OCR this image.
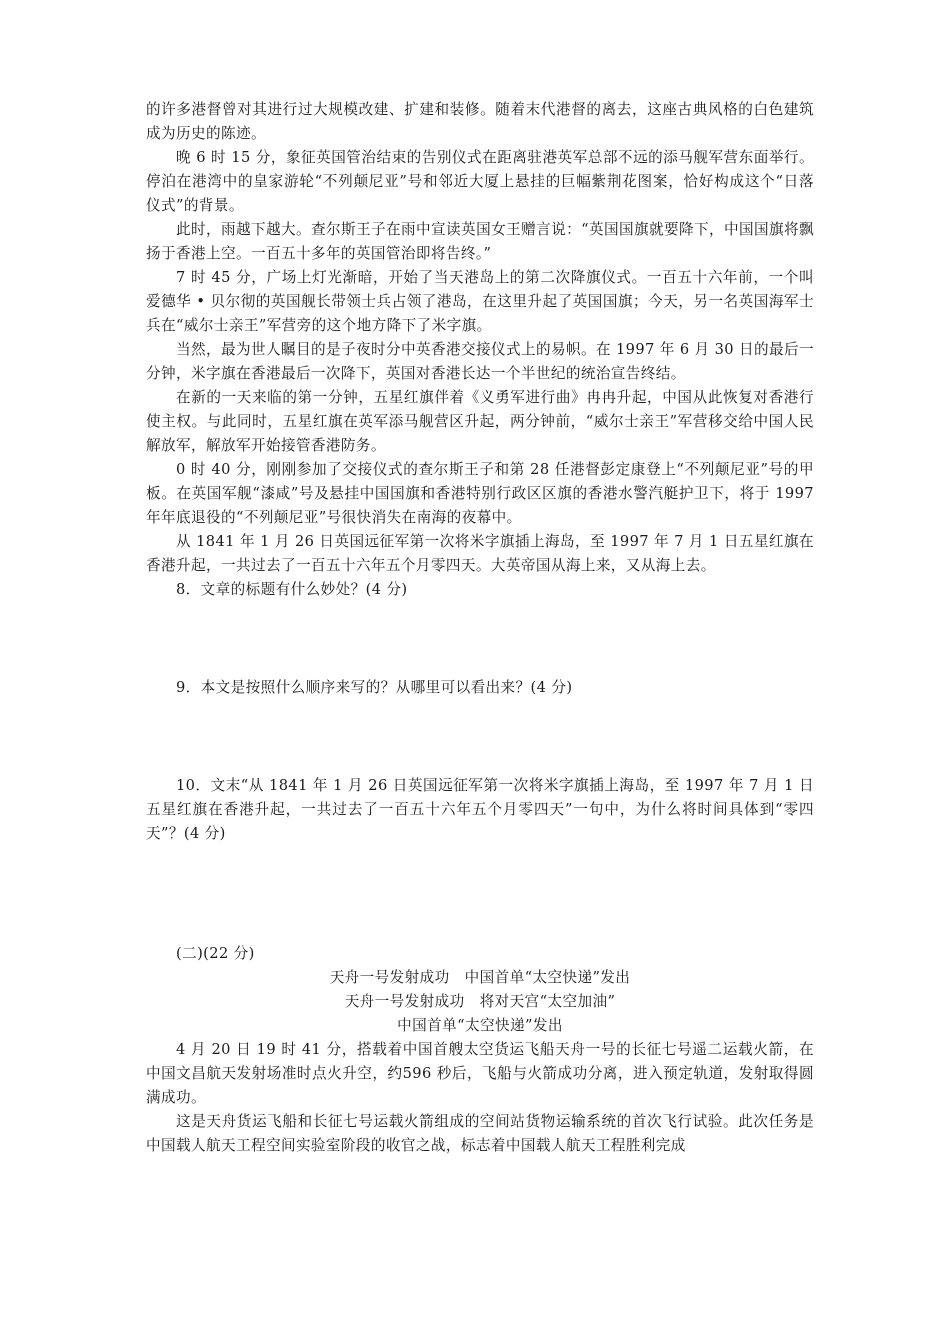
的许多港督曾对其进行过大规模改建、扩建和装修。随着末代港督的离去，这座古典风格的白色建筑成为历史的陈迹。

晚 6 时 15 分，象征英国管治结束的告别仪式在距离驻港英军总部不远的添马舰军营东面举行。停泊在港湾中的皇家游轮“不列颠尼亚”号和邻近大厦上悬挂的巨幅紫荆花图案，恰好构成这个“日落仪式”的背景。

此时，雨越下越大。查尔斯王子在雨中宣读英国女王赠言说：“英国国旗就要降下，中国国旗将飘扬于香港上空。一百五十多年的英国管治即将告终。”

7 时 45 分，广场上灯光渐暗，开始了当天港岛上的第二次降旗仪式。一百五十六年前，一个叫爱德华 • 贝尔彻的英国舰长带领士兵占领了港岛，在这里升起了英国国旗；今天，另一名英国海军士兵在“威尔士亲王”军营旁的这个地方降下了米字旗。

当然，最为世人瞩目的是子夜时分中英香港交接仪式上的易帜。在 1997 年 6 月 30 日的最后一分钟，米字旗在香港最后一次降下，英国对香港长达一个半世纪的统治宣告终结。

在新的一天来临的第一分钟，五星红旗伴着《义勇军进行曲》冉冉升起，中国从此恢复对香港行使主权。与此同时，五星红旗在英军添马舰营区升起，两分钟前，“威尔士亲王”军营移交给中国人民解放军，解放军开始接管香港防务。

0 时 40 分，刚刚参加了交接仪式的查尔斯王子和第 28 任港督彭定康登上“不列颠尼亚”号的甲板。在英国军舰“漆咸”号及悬挂中国国旗和香港特别行政区区旗的香港水警汽艇护卫下，将于 1997 年年底退役的“不列颠尼亚”号很快消失在南海的夜幕中。

从 1841 年 1 月 26 日英国远征军第一次将米字旗插上海岛，至 1997 年 7 月 1 日五星红旗在香港升起，一共过去了一百五十六年五个月零四天。大英帝国从海上来，又从海上去。

8．文章的标题有什么妙处？(4 分)

9．本文是按照什么顺序来写的？从哪里可以看出来？(4 分)

10．文末“从 1841 年 1 月 26 日英国远征军第一次将米字旗插上海岛，至 1997 年 7 月 1 日五星红旗在香港升起，一共过去了一百五十六年五个月零四天”一句中，为什么将时间具体到“零四天”？(4 分)

(二)(22 分)

天舟一号发射成功　中国首单“太空快递”发出

天舟一号发射成功　将对天宫“太空加油”

中国首单“太空快递”发出

4 月 20 日 19 时 41 分，搭载着中国首艘太空货运飞船天舟一号的长征七号遥二运载火箭，在中国文昌航天发射场准时点火升空，约596 秒后，飞船与火箭成功分离，进入预定轨道，发射取得圆满成功。

这是天舟货运飞船和长征七号运载火箭组成的空间站货物运输系统的首次飞行试验。此次任务是中国载人航天工程空间实验室阶段的收官之战，标志着中国载人航天工程胜利完成
